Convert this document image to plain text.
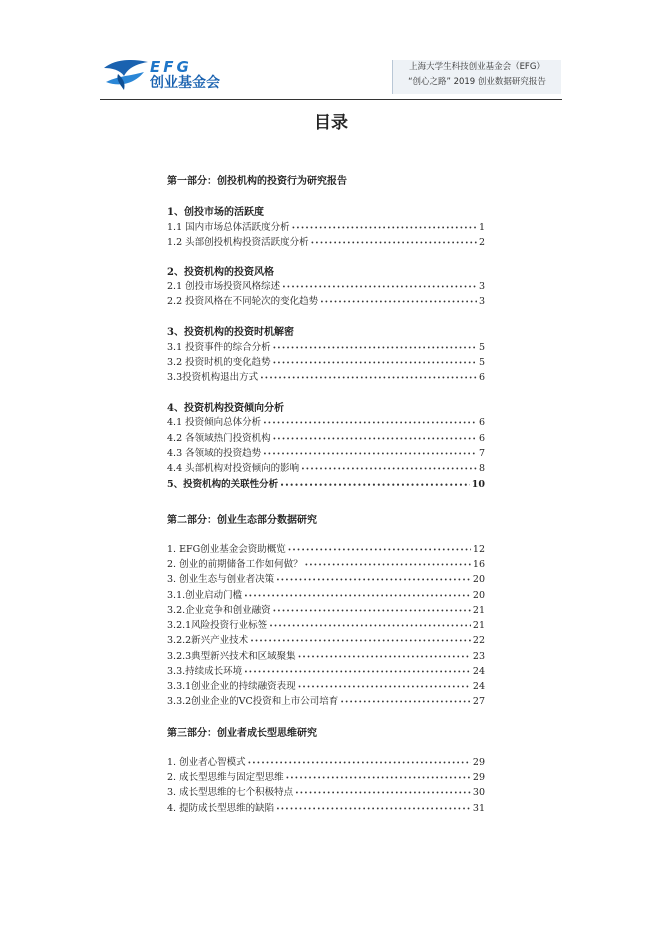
EFG
创业基金会
上海大学生科技创业基金会（EFG）
“创心之路” 2019 创业数据研究报告
目录
第一部分：创投机构的投资行为研究报告
1、创投市场的活跃度
1.1 国内市场总体活跃度分析 •••••	1
1.2 头部创投机构投资活跃度分析 •••••	2
2、投资机构的投资风格
2.1 创投市场投资风格综述 •••••	3
2.2 投资风格在不同轮次的变化趋势 •••••	3
3、投资机构的投资时机解密
3.1 投资事件的综合分析 •••••	5
3.2 投资时机的变化趋势 •••••	5
3.3投资机构退出方式 •••••	6
4、投资机构投资倾向分析
4.1 投资倾向总体分析 •••••	6
4.2 各领域热门投资机构 •••••	6
4.3 各领域的投资趋势 •••••	7
4.4 头部机构对投资倾向的影响 •••••	8
5、投资机构的关联性分析 •••••	10
第二部分：创业生态部分数据研究
1. EFG创业基金会资助概览 •••••	12
2. 创业的前期储备工作如何做？ •••••	16
3. 创业生态与创业者决策 •••••	20
3.1.创业启动门槛 •••••	20
3.2.企业竞争和创业融资 •••••	21
3.2.1风险投资行业标签 •••••	21
3.2.2新兴产业技术 •••••	22
3.2.3典型新兴技术和区域聚集 •••••	23
3.3.持续成长环境 •••••	24
3.3.1创业企业的持续融资表现 •••••	24
3.3.2创业企业的VC投资和上市公司培育 •••••	27
第三部分：创业者成长型思维研究
1. 创业者心智模式 •••••	29
2. 成长型思维与固定型思维 •••••	29
3. 成长型思维的七个积极特点 •••••	30
4. 提防成长型思维的缺陷 •••••	31
